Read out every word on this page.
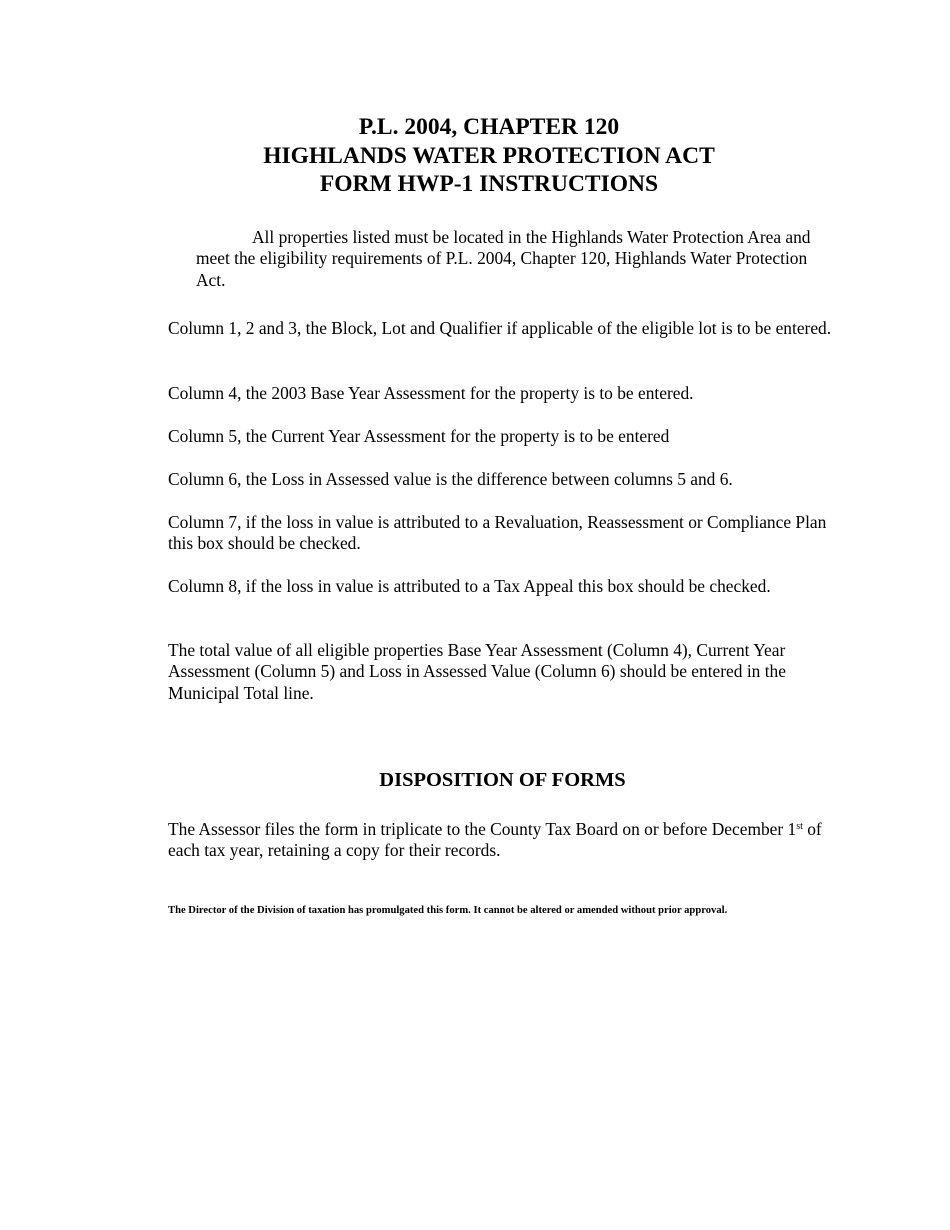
P.L. 2004, CHAPTER 120
HIGHLANDS WATER PROTECTION ACT
FORM HWP-1 INSTRUCTIONS

All properties listed must be located in the Highlands Water Protection Area and meet the eligibility requirements of P.L. 2004, Chapter 120, Highlands Water Protection Act.

Column 1, 2 and 3, the Block, Lot and Qualifier if applicable of the eligible lot is to be entered.

Column 4, the 2003 Base Year Assessment for the property is to be entered.

Column 5, the Current Year Assessment for the property is to be entered

Column 6, the Loss in Assessed value is the difference between columns 5 and 6.

Column 7, if the loss in value is attributed to a Revaluation, Reassessment or Compliance Plan this box should be checked.

Column 8, if the loss in value is attributed to a Tax Appeal this box should be checked.

The total value of all eligible properties Base Year Assessment (Column 4), Current Year Assessment (Column 5) and Loss in Assessed Value (Column 6) should be entered in the Municipal Total line.

DISPOSITION OF FORMS

The Assessor files the form in triplicate to the County Tax Board on or before December 1st of each tax year, retaining a copy for their records.

The Director of the Division of taxation has promulgated this form. It cannot be altered or amended without prior approval.
